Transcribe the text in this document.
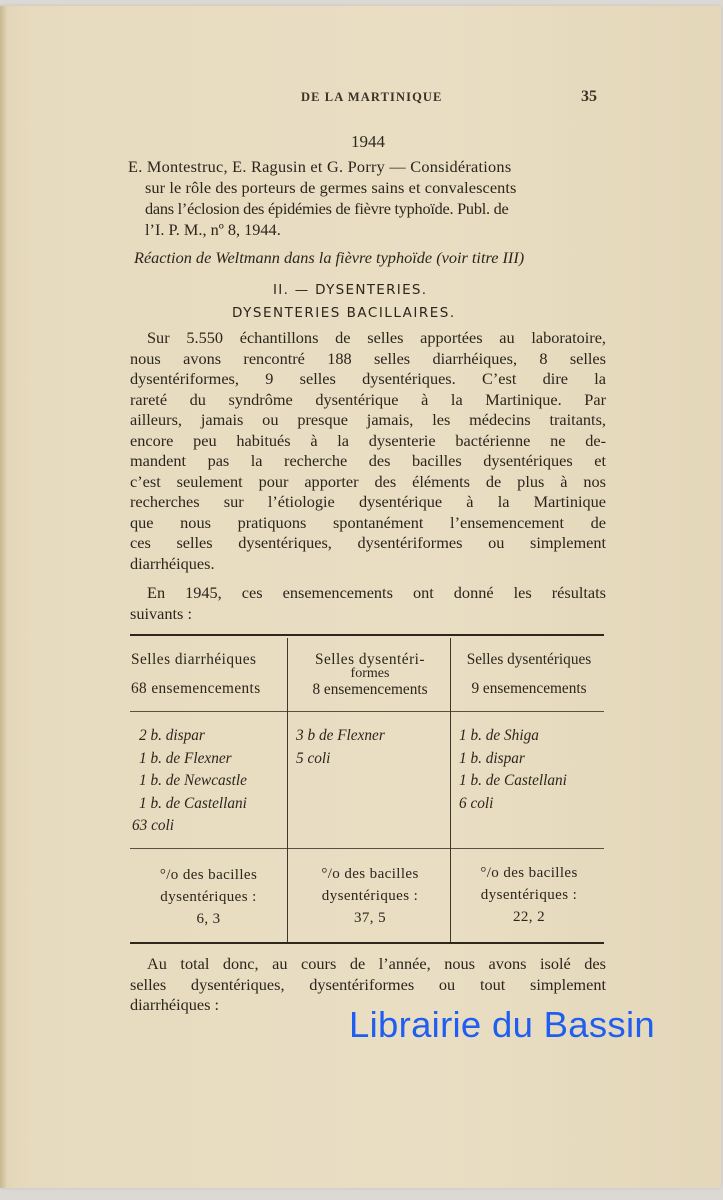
DE LA MARTINIQUE	35
1944
E. Montestruc, E. Ragusin et G. Porry — Considérations
sur le rôle des porteurs de germes sains et convalescents
dans l’éclosion des épidémies de fièvre typhoïde. Publ. de
l’I. P. M., nº 8, 1944.
Réaction de Weltmann dans la fièvre typhoïde (voir titre III)
II. — DYSENTERIES.
DYSENTERIES BACILLAIRES.
Sur 5.550 échantillons de selles apportées au laboratoire,
nous avons rencontré 188 selles diarrhéiques, 8 selles
dysentériformes, 9 selles dysentériques. C’est dire la
rareté du syndrôme dysentérique à la Martinique. Par
ailleurs, jamais ou presque jamais, les médecins traitants,
encore peu habitués à la dysenterie bactérienne ne de-
mandent pas la recherche des bacilles dysentériques et
c’est seulement pour apporter des éléments de plus à nos
recherches sur l’étiologie dysentérique à la Martinique
que nous pratiquons spontanément l’ensemencement de
ces selles dysentériques, dysentériformes ou simplement
diarrhéiques.
En 1945, ces ensemencements ont donné les résultats
suivants :
Selles diarrhéiques
68 ensemencements
Selles dysentéri-
formes
8 ensemencements
Selles dysentériques
9 ensemencements
2 b. dispar
1 b. de Flexner
1 b. de Newcastle
1 b. de Castellani
63 coli
3 b de Flexner
5 coli
1 b. de Shiga
1 b. dispar
1 b. de Castellani
6 coli
°/o des bacilles
dysentériques :
6, 3
°/o des bacilles
dysentériques :
37, 5
°/o des bacilles
dysentériques :
22, 2
Au total donc, au cours de l’année, nous avons isolé des
selles dysentériques, dysentériformes ou tout simplement
diarrhéiques :	Librairie du Bassin
